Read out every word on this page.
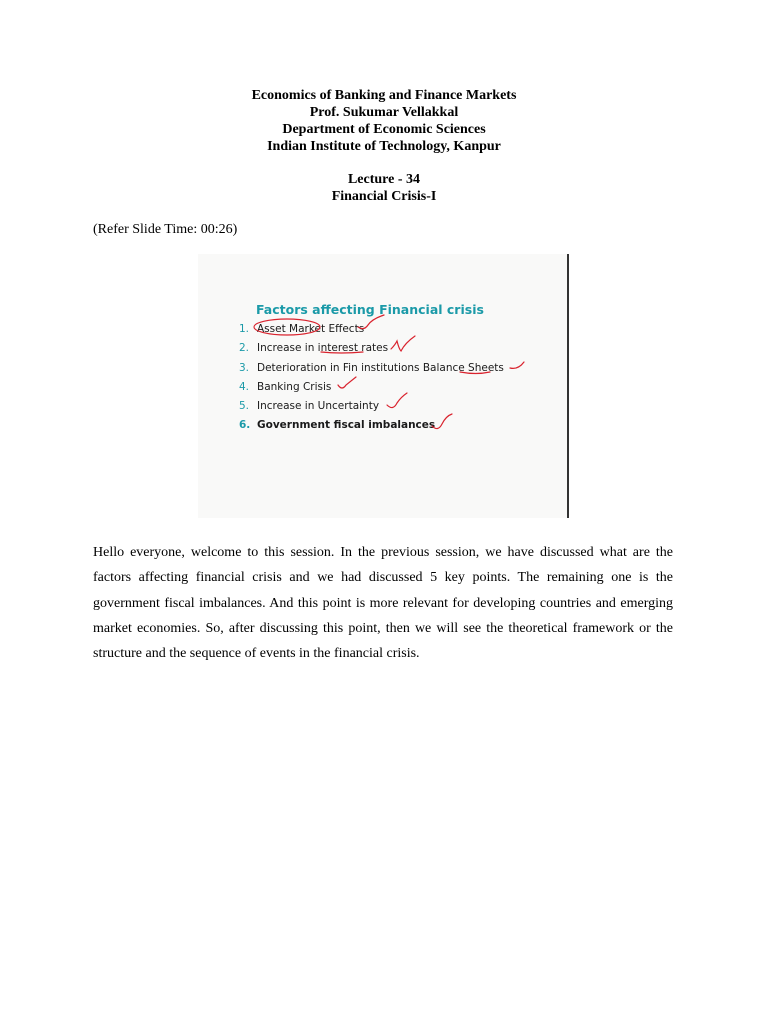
Economics of Banking and Finance Markets
Prof. Sukumar Vellakkal
Department of Economic Sciences
Indian Institute of Technology, Kanpur
Lecture - 34
Financial Crisis-I
(Refer Slide Time: 00:26)
Factors affecting Financial crisis
1. Asset Market Effects
2. Increase in interest rates
3. Deterioration in Fin institutions Balance Sheets
4. Banking Crisis
5. Increase in Uncertainty
6. Government fiscal imbalances
Hello everyone, welcome to this session. In the previous session, we have discussed what are the factors affecting financial crisis and we had discussed 5 key points. The remaining one is the government fiscal imbalances. And this point is more relevant for developing countries and emerging market economies. So, after discussing this point, then we will see the theoretical framework or the structure and the sequence of events in the financial crisis.
